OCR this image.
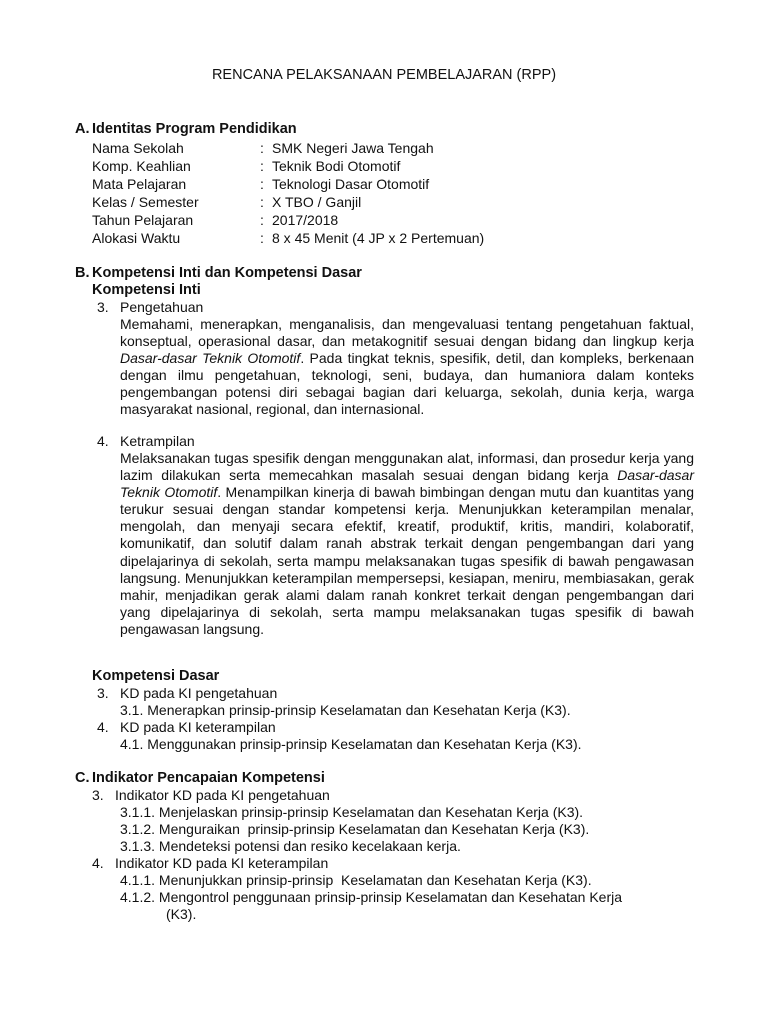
RENCANA PELAKSANAAN PEMBELAJARAN (RPP)
A. Identitas Program Pendidikan
Nama Sekolah	: SMK Negeri Jawa Tengah
Komp. Keahlian	: Teknik Bodi Otomotif
Mata Pelajaran	: Teknologi Dasar Otomotif
Kelas / Semester	: X TBO / Ganjil
Tahun Pelajaran	: 2017/2018
Alokasi Waktu	: 8 x 45 Menit (4 JP x 2 Pertemuan)
B. Kompetensi Inti dan Kompetensi Dasar
Kompetensi Inti
3. Pengetahuan
Memahami, menerapkan, menganalisis, dan mengevaluasi tentang pengetahuan faktual, konseptual, operasional dasar, dan metakognitif sesuai dengan bidang dan lingkup kerja Dasar-dasar Teknik Otomotif. Pada tingkat teknis, spesifik, detil, dan kompleks, berkenaan dengan ilmu pengetahuan, teknologi, seni, budaya, dan humaniora dalam konteks pengembangan potensi diri sebagai bagian dari keluarga, sekolah, dunia kerja, warga masyarakat nasional, regional, dan internasional.
4. Ketrampilan
Melaksanakan tugas spesifik dengan menggunakan alat, informasi, dan prosedur kerja yang lazim dilakukan serta memecahkan masalah sesuai dengan bidang kerja Dasar-dasar Teknik Otomotif. Menampilkan kinerja di bawah bimbingan dengan mutu dan kuantitas yang terukur sesuai dengan standar kompetensi kerja. Menunjukkan keterampilan menalar, mengolah, dan menyaji secara efektif, kreatif, produktif, kritis, mandiri, kolaboratif, komunikatif, dan solutif dalam ranah abstrak terkait dengan pengembangan dari yang dipelajarinya di sekolah, serta mampu melaksanakan tugas spesifik di bawah pengawasan langsung. Menunjukkan keterampilan mempersepsi, kesiapan, meniru, membiasakan, gerak mahir, menjadikan gerak alami dalam ranah konkret terkait dengan pengembangan dari yang dipelajarinya di sekolah, serta mampu melaksanakan tugas spesifik di bawah pengawasan langsung.
Kompetensi Dasar
3. KD pada KI pengetahuan
3.1. Menerapkan prinsip-prinsip Keselamatan dan Kesehatan Kerja (K3).
4. KD pada KI keterampilan
4.1. Menggunakan prinsip-prinsip Keselamatan dan Kesehatan Kerja (K3).
C. Indikator Pencapaian Kompetensi
3. Indikator KD pada KI pengetahuan
3.1.1. Menjelaskan prinsip-prinsip Keselamatan dan Kesehatan Kerja (K3).
3.1.2. Menguraikan  prinsip-prinsip Keselamatan dan Kesehatan Kerja (K3).
3.1.3. Mendeteksi potensi dan resiko kecelakaan kerja.
4. Indikator KD pada KI keterampilan
4.1.1. Menunjukkan prinsip-prinsip  Keselamatan dan Kesehatan Kerja (K3).
4.1.2. Mengontrol penggunaan prinsip-prinsip Keselamatan dan Kesehatan Kerja
(K3).
